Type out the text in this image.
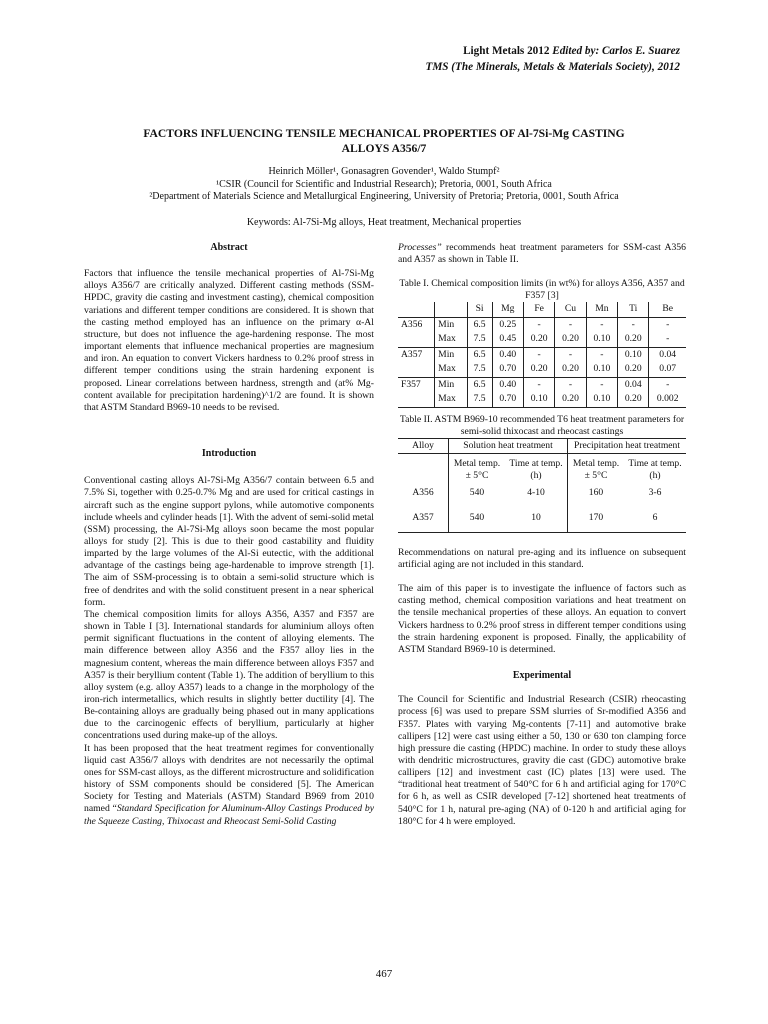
Light Metals 2012 Edited by: Carlos E. Suarez
TMS (The Minerals, Metals & Materials Society), 2012
FACTORS INFLUENCING TENSILE MECHANICAL PROPERTIES OF Al-7Si-Mg CASTING
ALLOYS A356/7
Heinrich Möller¹, Gonasagren Govender¹, Waldo Stumpf²
¹CSIR (Council for Scientific and Industrial Research); Pretoria, 0001, South Africa
²Department of Materials Science and Metallurgical Engineering, University of Pretoria; Pretoria, 0001, South Africa
Keywords: Al-7Si-Mg alloys, Heat treatment, Mechanical properties
Abstract

Factors that influence the tensile mechanical properties of Al-7Si-Mg alloys A356/7 are critically analyzed. Different casting methods (SSM-HPDC, gravity die casting and investment casting), chemical composition variations and different temper conditions are considered. It is shown that the casting method employed has an influence on the primary α-Al structure, but does not influence the age-hardening response. The most important elements that influence mechanical properties are magnesium and iron. An equation to convert Vickers hardness to 0.2% proof stress in different temper conditions using the strain hardening exponent is proposed. Linear correlations between hardness, strength and (at% Mg-content available for precipitation hardening)^1/2 are found. It is shown that ASTM Standard B969-10 needs to be revised.

Introduction

Conventional casting alloys Al-7Si-Mg A356/7 contain between 6.5 and 7.5% Si, together with 0.25-0.7% Mg and are used for critical castings in aircraft such as the engine support pylons, while automotive components include wheels and cylinder heads [1]. With the advent of semi-solid metal (SSM) processing, the Al-7Si-Mg alloys soon became the most popular alloys for study [2]. This is due to their good castability and fluidity imparted by the large volumes of the Al-Si eutectic, with the additional advantage of the castings being age-hardenable to improve strength [1]. The aim of SSM-processing is to obtain a semi-solid structure which is free of dendrites and with the solid constituent present in a near spherical form.

The chemical composition limits for alloys A356, A357 and F357 are shown in Table I [3]. International standards for aluminium alloys often permit significant fluctuations in the content of alloying elements. The main difference between alloy A356 and the F357 alloy lies in the magnesium content, whereas the main difference between alloys F357 and A357 is their beryllium content (Table 1). The addition of beryllium to this alloy system (e.g. alloy A357) leads to a change in the morphology of the iron-rich intermetallics, which results in slightly better ductility [4]. The Be-containing alloys are gradually being phased out in many applications due to the carcinogenic effects of beryllium, particularly at higher concentrations used during make-up of the alloys.

It has been proposed that the heat treatment regimes for conventionally liquid cast A356/7 alloys with dendrites are not necessarily the optimal ones for SSM-cast alloys, as the different microstructure and solidification history of SSM components should be considered [5]. The American Society for Testing and Materials (ASTM) Standard B969 from 2010 named “Standard Specification for Aluminum-Alloy Castings Produced by the Squeeze Casting, Thixocast and Rheocast Semi-Solid Casting

Processes” recommends heat treatment parameters for SSM-cast A356 and A357 as shown in Table II.

Table I. Chemical composition limits (in wt%) for alloys A356, A357 and F357 [3]
		Si	Mg	Fe	Cu	Mn	Ti	Be
A356	Min	6.5	0.25	-	-	-	-	-
	Max	7.5	0.45	0.20	0.20	0.10	0.20	-
A357	Min	6.5	0.40	-	-	-	0.10	0.04
	Max	7.5	0.70	0.20	0.20	0.10	0.20	0.07
F357	Min	6.5	0.40	-	-	-	0.04	-
	Max	7.5	0.70	0.10	0.20	0.10	0.20	0.002
Table II. ASTM B969-10 recommended T6 heat treatment parameters for semi-solid thixocast and rheocast castings
Alloy	Solution heat treatment		Precipitation heat treatment	
	Metal temp. ± 5°C	Time at temp. (h)	Metal temp. ± 5°C	Time at temp. (h)
A356	540	4-10	160	3-6
A357	540	10	170	6

Recommendations on natural pre-aging and its influence on subsequent artificial aging are not included in this standard.

The aim of this paper is to investigate the influence of factors such as casting method, chemical composition variations and heat treatment on the tensile mechanical properties of these alloys. An equation to convert Vickers hardness to 0.2% proof stress in different temper conditions using the strain hardening exponent is proposed. Finally, the applicability of ASTM Standard B969-10 is determined.

Experimental

The Council for Scientific and Industrial Research (CSIR) rheocasting process [6] was used to prepare SSM slurries of Sr-modified A356 and F357. Plates with varying Mg-contents [7-11] and automotive brake callipers [12] were cast using either a 50, 130 or 630 ton clamping force high pressure die casting (HPDC) machine. In order to study these alloys with dendritic microstructures, gravity die cast (GDC) automotive brake callipers [12] and investment cast (IC) plates [13] were used. The “traditional heat treatment of 540°C for 6 h and artificial aging for 170°C for 6 h, as well as CSIR developed [7-12] shortened heat treatments of 540°C for 1 h, natural pre-aging (NA) of 0-120 h and artificial aging for 180°C for 4 h were employed.

467
